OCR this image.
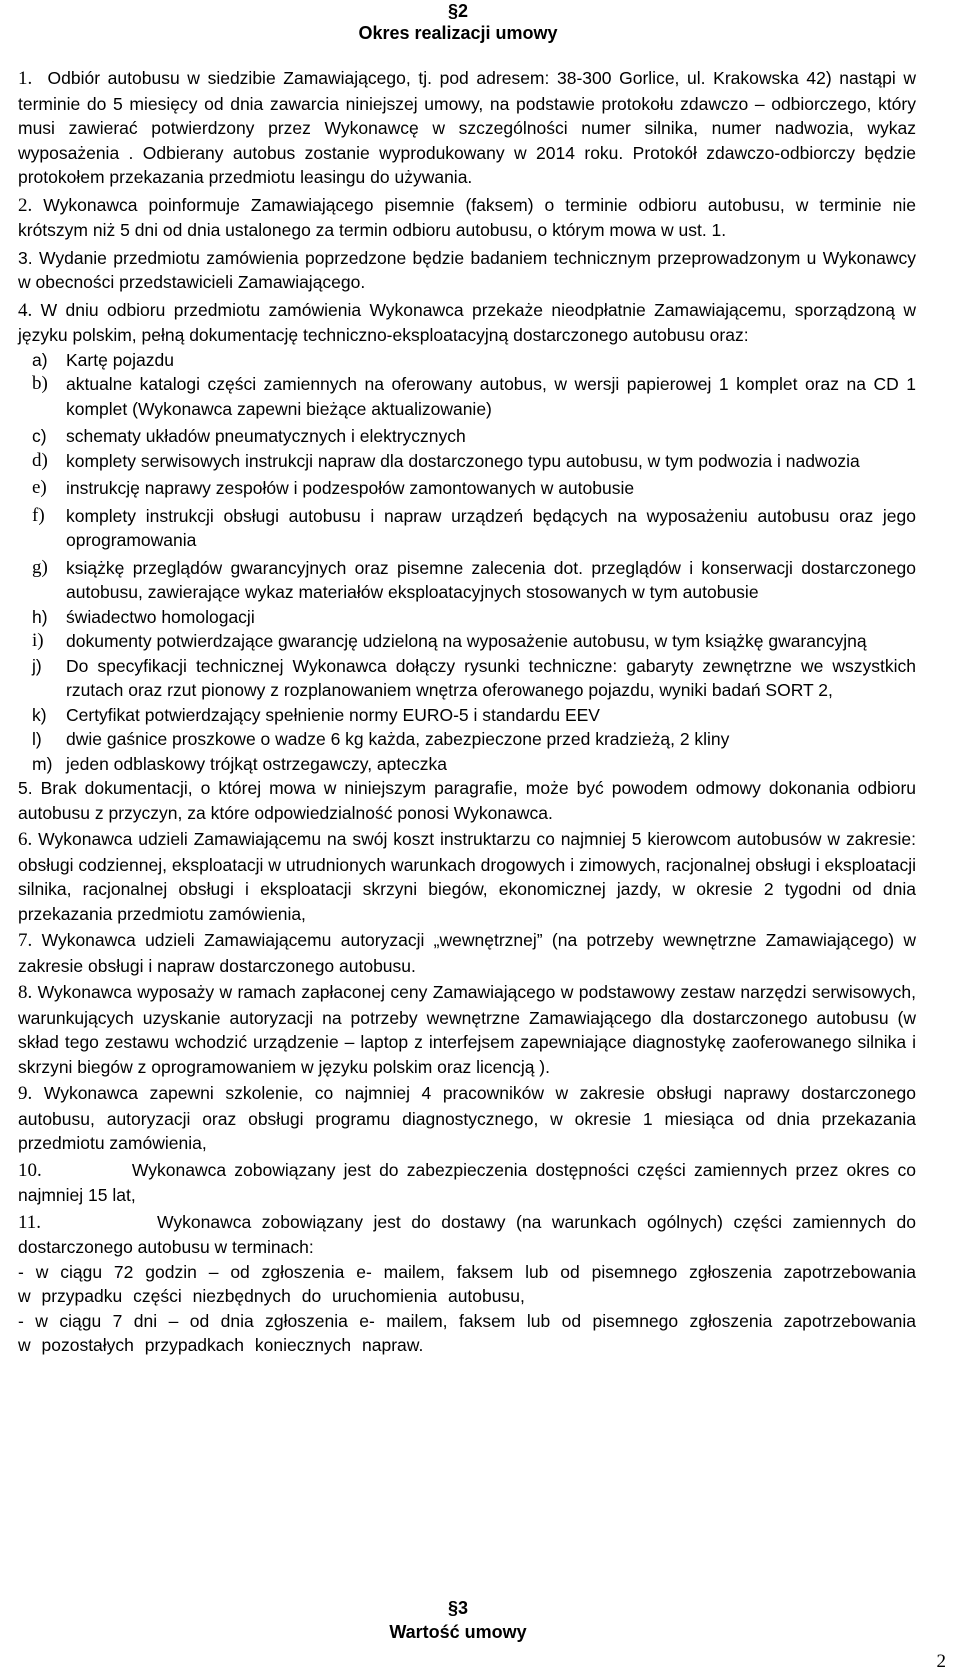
§2
Okres realizacji umowy

1. Odbiór autobusu w siedzibie Zamawiającego, tj. pod adresem: 38-300 Gorlice, ul. Krakowska 42) nastąpi w terminie do 5 miesięcy od dnia zawarcia niniejszej umowy, na podstawie protokołu zdawczo – odbiorczego, który musi zawierać potwierdzony przez Wykonawcę w szczególności numer silnika, numer nadwozia, wykaz wyposażenia . Odbierany autobus zostanie wyprodukowany w 2014 roku. Protokół zdawczo-odbiorczy będzie protokołem przekazania przedmiotu leasingu do używania.

2. Wykonawca poinformuje Zamawiającego pisemnie (faksem) o terminie odbioru autobusu, w terminie nie krótszym niż 5 dni od dnia ustalonego za termin odbioru autobusu, o którym mowa w ust. 1.

3. Wydanie przedmiotu zamówienia poprzedzone będzie badaniem technicznym przeprowadzonym u Wykonawcy w obecności przedstawicieli Zamawiającego.

4. W dniu odbioru przedmiotu zamówienia Wykonawca przekaże nieodpłatnie Zamawiającemu, sporządzoną w języku polskim, pełną dokumentację techniczno-eksploatacyjną dostarczonego autobusu oraz:

a) Kartę pojazdu
b) aktualne katalogi części zamiennych na oferowany autobus, w wersji papierowej 1 komplet oraz na CD 1 komplet (Wykonawca zapewni bieżące aktualizowanie)
c) schematy układów pneumatycznych i elektrycznych
d) komplety serwisowych instrukcji napraw dla dostarczonego typu autobusu, w tym podwozia i nadwozia
e) instrukcję naprawy zespołów i podzespołów zamontowanych w autobusie
f) komplety instrukcji obsługi autobusu i napraw urządzeń będących na wyposażeniu autobusu oraz jego oprogramowania
g) książkę przeglądów gwarancyjnych oraz pisemne zalecenia dot. przeglądów i konserwacji dostarczonego autobusu, zawierające wykaz materiałów eksploatacyjnych stosowanych w tym autobusie
h) świadectwo homologacji
i) dokumenty potwierdzające gwarancję udzieloną na wyposażenie autobusu, w tym książkę gwarancyjną
j) Do specyfikacji technicznej Wykonawca dołączy rysunki techniczne: gabaryty zewnętrzne we wszystkich rzutach oraz rzut pionowy z rozplanowaniem wnętrza oferowanego pojazdu, wyniki badań SORT 2,
k) Certyfikat potwierdzający spełnienie normy EURO-5 i standardu EEV
l) dwie gaśnice proszkowe o wadze 6 kg każda, zabezpieczone przed kradzieżą, 2 kliny
m) jeden odblaskowy trójkąt ostrzegawczy, apteczka

5. Brak dokumentacji, o której mowa w niniejszym paragrafie, może być powodem odmowy dokonania odbioru autobusu z przyczyn, za które odpowiedzialność ponosi Wykonawca.

6. Wykonawca udzieli Zamawiającemu na swój koszt instruktarzu co najmniej 5 kierowcom autobusów w zakresie: obsługi codziennej, eksploatacji w utrudnionych warunkach drogowych i zimowych, racjonalnej obsługi i eksploatacji silnika, racjonalnej obsługi i eksploatacji skrzyni biegów, ekonomicznej jazdy, w okresie 2 tygodni od dnia przekazania przedmiotu zamówienia,

7. Wykonawca udzieli Zamawiającemu autoryzacji „wewnętrznej” (na potrzeby wewnętrzne Zamawiającego) w zakresie obsługi i napraw dostarczonego autobusu.

8. Wykonawca wyposaży w ramach zapłaconej ceny Zamawiającego w podstawowy zestaw narzędzi serwisowych, warunkujących uzyskanie autoryzacji na potrzeby wewnętrzne Zamawiającego dla dostarczonego autobusu (w skład tego zestawu wchodzić urządzenie – laptop z interfejsem zapewniające diagnostykę zaoferowanego silnika i skrzyni biegów z oprogramowaniem w języku polskim oraz licencją ).

9. Wykonawca zapewni szkolenie, co najmniej 4 pracowników w zakresie obsługi naprawy dostarczonego autobusu, autoryzacji oraz obsługi programu diagnostycznego, w okresie 1 miesiąca od dnia przekazania przedmiotu zamówienia,

10.	Wykonawca zobowiązany jest do zabezpieczenia dostępności części zamiennych przez okres co najmniej 15 lat,

11.	Wykonawca zobowiązany jest do dostawy (na warunkach ogólnych) części zamiennych do dostarczonego autobusu w terminach:

- w ciągu 72 godzin – od zgłoszenia e- mailem, faksem lub od pisemnego zgłoszenia zapotrzebowania w przypadku części niezbędnych do uruchomienia autobusu,

- w ciągu 7 dni – od dnia zgłoszenia e- mailem, faksem lub od pisemnego zgłoszenia zapotrzebowania w pozostałych przypadkach koniecznych napraw.

§3
Wartość umowy
2
